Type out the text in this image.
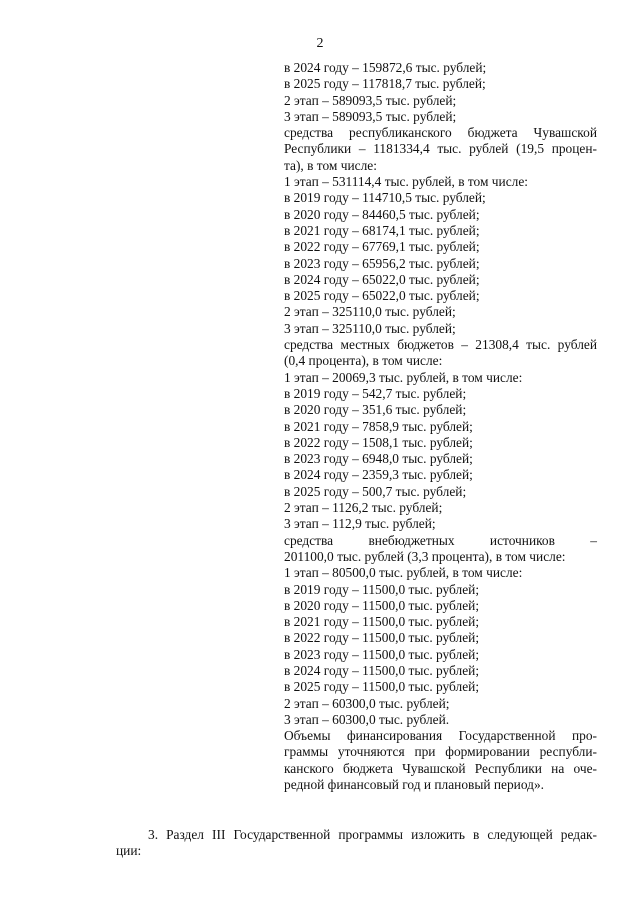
2
в 2024 году – 159872,6 тыс. рублей;
в 2025 году – 117818,7 тыс. рублей;
2 этап – 589093,5 тыс. рублей;
3 этап – 589093,5 тыс. рублей;
средства республиканского бюджета Чувашской
Республики – 1181334,4 тыс. рублей (19,5 процен-
та), в том числе:
1 этап – 531114,4 тыс. рублей, в том числе:
в 2019 году – 114710,5 тыс. рублей;
в 2020 году – 84460,5 тыс. рублей;
в 2021 году – 68174,1 тыс. рублей;
в 2022 году – 67769,1 тыс. рублей;
в 2023 году – 65956,2 тыс. рублей;
в 2024 году – 65022,0 тыс. рублей;
в 2025 году – 65022,0 тыс. рублей;
2 этап – 325110,0 тыс. рублей;
3 этап – 325110,0 тыс. рублей;
средства местных бюджетов – 21308,4 тыс. рублей
(0,4 процента), в том числе:
1 этап – 20069,3 тыс. рублей, в том числе:
в 2019 году – 542,7 тыс. рублей;
в 2020 году – 351,6 тыс. рублей;
в 2021 году – 7858,9 тыс. рублей;
в 2022 году – 1508,1 тыс. рублей;
в 2023 году – 6948,0 тыс. рублей;
в 2024 году – 2359,3 тыс. рублей;
в 2025 году – 500,7 тыс. рублей;
2 этап – 1126,2 тыс. рублей;
3 этап – 112,9 тыс. рублей;
средства внебюджетных источников –
201100,0 тыс. рублей (3,3 процента), в том числе:
1 этап – 80500,0 тыс. рублей, в том числе:
в 2019 году – 11500,0 тыс. рублей;
в 2020 году – 11500,0 тыс. рублей;
в 2021 году – 11500,0 тыс. рублей;
в 2022 году – 11500,0 тыс. рублей;
в 2023 году – 11500,0 тыс. рублей;
в 2024 году – 11500,0 тыс. рублей;
в 2025 году – 11500,0 тыс. рублей;
2 этап – 60300,0 тыс. рублей;
3 этап – 60300,0 тыс. рублей.
Объемы финансирования Государственной про-
граммы уточняются при формировании республи-
канского бюджета Чувашской Республики на оче-
редной финансовый год и плановый период».
3. Раздел III Государственной программы изложить в следующей редак-
ции:
